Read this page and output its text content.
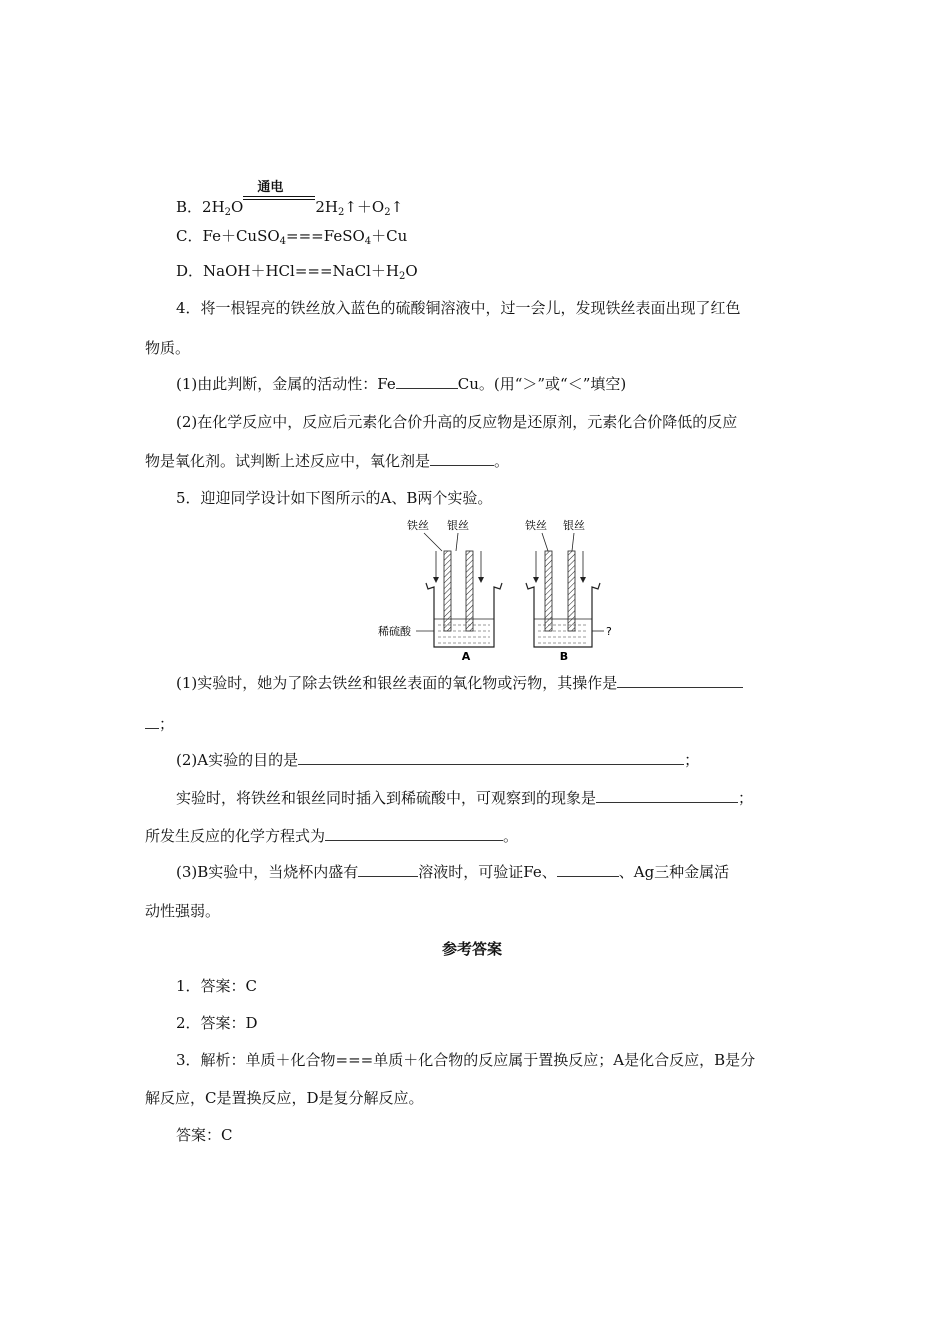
B．$2H_2O$
通电
$2H_2↑+O_2↑$
C．Fe＋CuSO$_4$===FeSO$_4$＋Cu
D．$NaOH+HCl===NaCl+H_2O$
4．将一根锃亮的铁丝放入蓝色的硫酸铜溶液中，过一会儿，发现铁丝表面出现了红色
物质。
(1)由此判断，金属的活动性：Fe	Cu。(用“＞”或“＜”填空)
(2)在化学反应中，反应后元素化合价升高的反应物是还原剂，元素化合价降低的反应
物是氧化剂。试判断上述反应中，氧化剂是	。
5．迎迎同学设计如下图所示的A、B两个实验。
铁丝 银丝
稀硫酸
A
铁丝 银丝
?
B
(1)实验时，她为了除去铁丝和银丝表面的氧化物或污物，其操作是
；
(2)A实验的目的是	；
实验时，将铁丝和银丝同时插入到稀硫酸中，可观察到的现象是	；
所发生反应的化学方程式为	。
(3)B实验中，当烧杯内盛有	溶液时，可验证Fe、	、Ag三种金属活
动性强弱。
参考答案
1．答案：C
2．答案：D
3．解析：单质＋化合物===单质＋化合物的反应属于置换反应；A是化合反应，B是分
解反应，C是置换反应，D是复分解反应。
答案：C
